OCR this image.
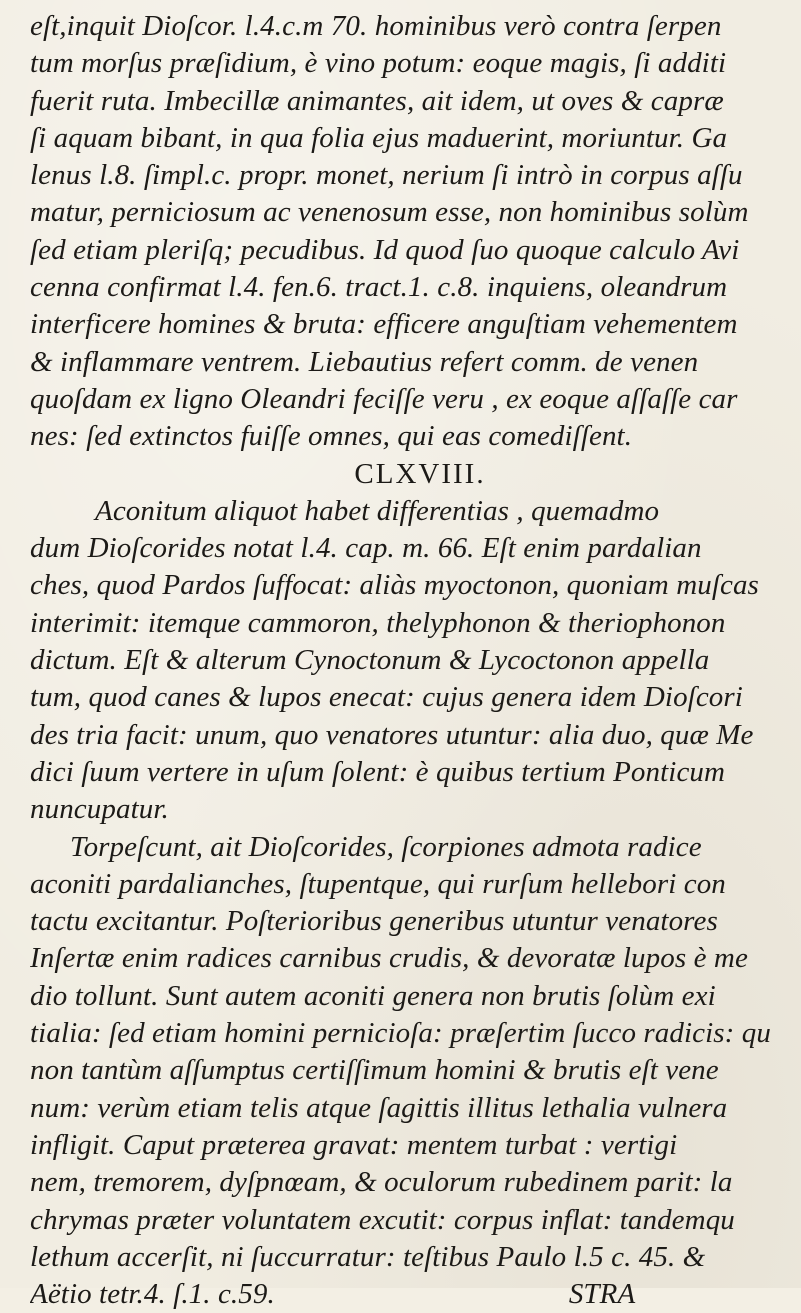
eſt,inquit Dioſcor. l.4.c.m 70. hominibus verò contra ſerpen
tum morſus præſidium, è vino potum: eoque magis, ſi additi
fuerit ruta. Imbecillæ animantes, ait idem, ut oves & capræ
ſi aquam bibant, in qua folia ejus maduerint, moriuntur. Ga
lenus l.8. ſimpl.c. propr. monet, nerium ſi intrò in corpus aſſu
matur, perniciosum ac venenosum esse, non hominibus solùm
ſed etiam pleriſq; pecudibus. Id quod ſuo quoque calculo Avi
cenna confirmat l.4. fen.6. tract.1. c.8. inquiens, oleandrum
interficere homines & bruta: efficere anguſtiam vehementem
& inflammare ventrem. Liebautius refert comm. de venen
quoſdam ex ligno Oleandri feciſſe veru , ex eoque aſſaſſe car
nes: ſed extinctos fuiſſe omnes, qui eas comediſſent.
CLXVIII.
Aconitum aliquot habet differentias , quemadmo
dum Dioſcorides notat l.4. cap. m. 66. Eſt enim pardalian
ches, quod Pardos ſuffocat: aliàs myoctonon, quoniam muſcas
interimit: itemque cammoron, thelyphonon & theriophonon
dictum. Eſt & alterum Cynoctonum & Lycoctonon appella
tum, quod canes & lupos enecat: cujus genera idem Dioſcori
des tria facit: unum, quo venatores utuntur: alia duo, quæ Me
dici ſuum vertere in uſum ſolent: è quibus tertium Ponticum
nuncupatur.
Torpeſcunt, ait Dioſcorides, ſcorpiones admota radice
aconiti pardalianches, ſtupentque, qui rurſum hellebori con
tactu excitantur. Poſterioribus generibus utuntur venatores
Inſertæ enim radices carnibus crudis, & devoratæ lupos è me
dio tollunt. Sunt autem aconiti genera non brutis ſolùm exi
tialia: ſed etiam homini pernicioſa: præſertim ſucco radicis: qu
non tantùm aſſumptus certiſſimum homini & brutis eſt vene
num: verùm etiam telis atque ſagittis illitus lethalia vulnera
infligit. Caput præterea gravat: mentem turbat : vertigi
nem, tremorem, dyſpnœam, & oculorum rubedinem parit: la
chrymas præter voluntatem excutit: corpus inflat: tandemqu
lethum accerſit, ni ſuccurratur: teſtibus Paulo l.5 c. 45. &
Aëtio tetr.4. ſ.1. c.59.                                        STRA
